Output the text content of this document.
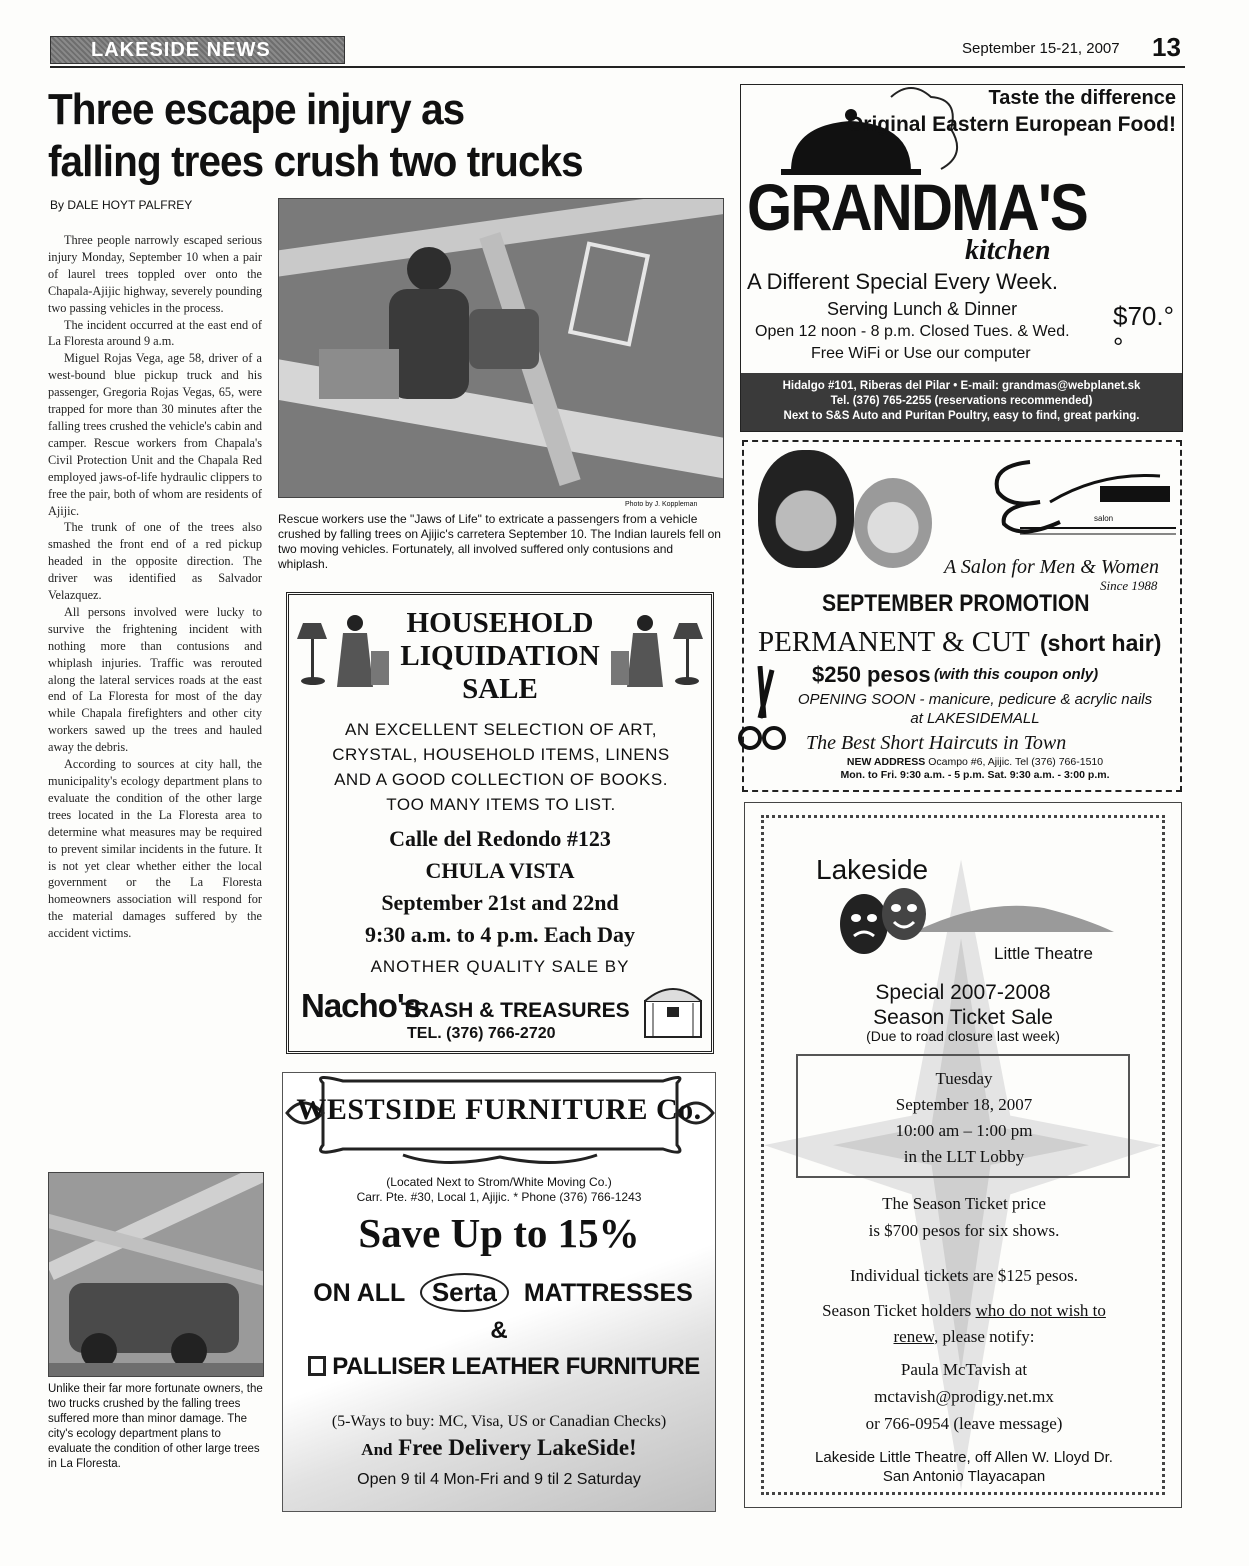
LAKESIDE NEWS	September 15-21, 2007 13
Three escape injury as
falling trees crush two trucks
By DALE HOYT PALFREY

Three people narrowly escaped serious injury Monday, September 10 when a pair of laurel trees toppled over onto the Chapala-Ajijic highway, severely pounding two passing vehicles in the process.

The incident occurred at the east end of La Floresta around 9 a.m.

Miguel Rojas Vega, age 58, driver of a west-bound blue pickup truck and his passenger, Gregoria Rojas Vegas, 65, were trapped for more than 30 minutes after the falling trees crushed the vehicle's cabin and camper. Rescue workers from Chapala's Civil Protection Unit and the Chapala Red employed jaws-of-life hydraulic clippers to free the pair, both of whom are residents of Ajijic.

The trunk of one of the trees also smashed the front end of a red pickup headed in the opposite direction. The driver was identified as Salvador Velazquez.

All persons involved were lucky to survive the frightening incident with nothing more than contusions and whiplash injuries. Traffic was rerouted along the lateral services roads at the east end of La Floresta for most of the day while Chapala firefighters and other city workers sawed up the trees and hauled away the debris.

According to sources at city hall, the municipality's ecology department plans to evaluate the condition of the other large trees located in the La Floresta area to determine what measures may be required to prevent similar incidents in the future. It is not yet clear whether either the local government or the La Floresta homeowners association will respond for the material damages suffered by the accident victims.

Photo by J. Koppleman
Rescue workers use the "Jaws of Life" to extricate a passengers from a vehicle crushed by falling trees on Ajijic's carretera September 10. The Indian laurels fell on two moving vehicles. Fortunately, all involved suffered only contusions and whiplash.
Unlike their far more fortunate owners, the two trucks crushed by the falling trees suffered more than minor damage. The city's ecology department plans to evaluate the condition of other large trees in La Floresta.
HOUSEHOLD
LIQUIDATION
SALE
AN EXCELLENT SELECTION OF ART,
CRYSTAL, HOUSEHOLD ITEMS, LINENS
AND A GOOD COLLECTION OF BOOKS.
TOO MANY ITEMS TO LIST.
Calle del Redondo #123
CHULA VISTA
September 21st and 22nd
9:30 a.m. to 4 p.m. Each Day
ANOTHER QUALITY SALE BY
Nacho's
TRASH & TREASURES
TEL. (376) 766-2720
WESTSIDE FURNITURE Co.
(Located Next to Strom/White Moving Co.)
Carr. Pte. #30, Local 1, Ajijic. * Phone (376) 766-1243
Save Up to 15%
ON ALL Serta MATTRESSES
&
PALLISER LEATHER FURNITURE
(5-Ways to buy: MC, Visa, US or Canadian Checks)
And Free Delivery LakeSide!
Open 9 til 4 Mon-Fri and 9 til 2 Saturday
Taste the difference
Original Eastern European Food!
GRANDMA'S
kitchen
A Different Special Every Week.
Serving Lunch & Dinner	$70.°°
Open 12 noon - 8 p.m. Closed Tues. & Wed.
Free WiFi or Use our computer
Hidalgo #101, Riberas del Pilar • E-mail: grandmas@webplanet.sk
Tel. (376) 765-2255 (reservations recommended)
Next to S&S Auto and Puritan Poultry, easy to find, great parking.
salon
A Salon for Men & Women
Since 1988
SEPTEMBER PROMOTION
PERMANENT & CUT (short hair)
$250 pesos (with this coupon only)
OPENING SOON - manicure, pedicure & acrylic nails
at LAKESIDEMALL
The Best Short Haircuts in Town
NEW ADDRESS Ocampo #6, Ajijic. Tel (376) 766-1510
Mon. to Fri. 9:30 a.m. - 5 p.m. Sat. 9:30 a.m. - 3:00 p.m.
Lakeside
Little Theatre
Special 2007-2008
Season Ticket Sale
(Due to road closure last week)
Tuesday
September 18, 2007
10:00 am – 1:00 pm
in the LLT Lobby
The Season Ticket price
is $700 pesos for six shows.
Individual tickets are $125 pesos.
Season Ticket holders who do not wish to
renew, please notify:
Paula McTavish at
mctavish@prodigy.net.mx
or 766-0954 (leave message)
Lakeside Little Theatre, off Allen W. Lloyd Dr.
San Antonio Tlayacapan
